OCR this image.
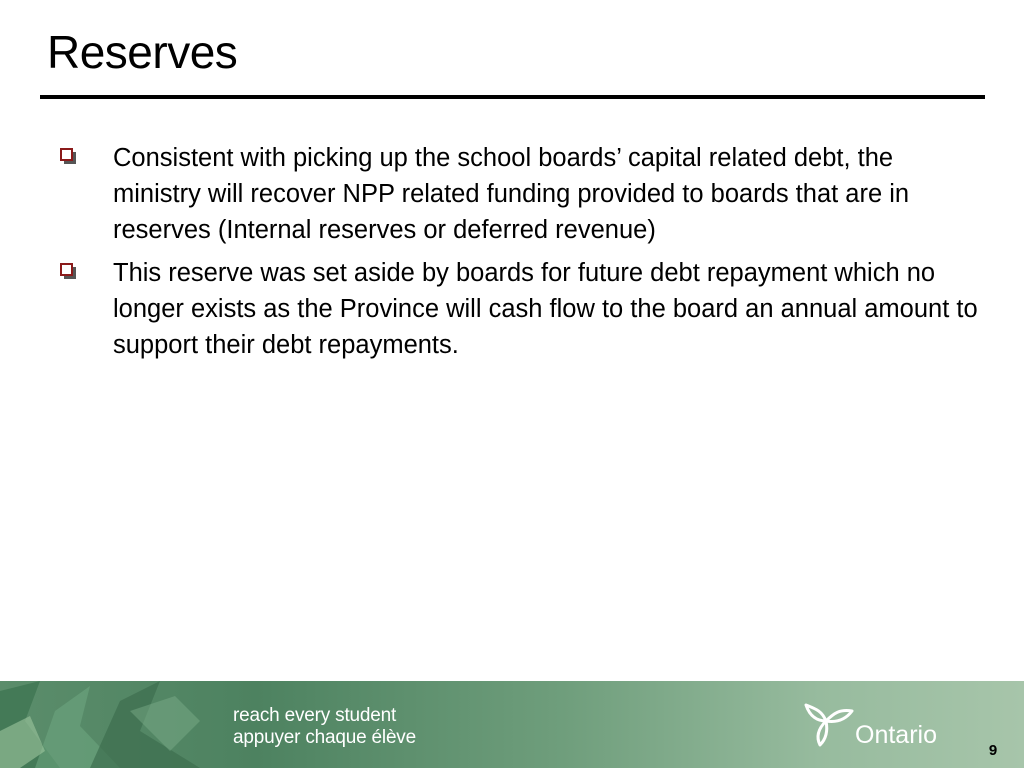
Reserves
Consistent with picking up the school boards’ capital related debt, the ministry will recover NPP related funding provided to boards that are in reserves (Internal reserves or deferred revenue)
This reserve was set aside by boards for future debt repayment which no longer exists as the Province will cash flow to the board an annual amount to support their debt repayments.
reach every student
appuyer chaque élève	Ontario
9
